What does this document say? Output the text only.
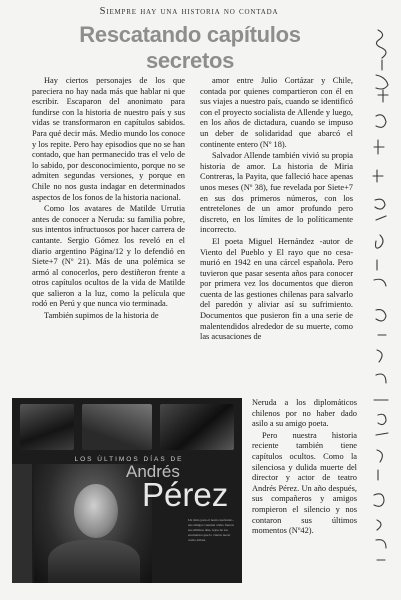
Siempre hay una historia no contada
Rescatando capítulos secretos

Hay ciertos personajes de los que pareciera no hay nada más que hablar ni que escribir. Escaparon del anonimato para fundirse con la historia de nuestro país y sus vidas se transformaron en capítulos sabidos. Para qué decir más. Medio mundo los conoce y los repite. Pero hay episodios que no se han contado, que han permanecido tras el velo de lo sabido, por desconocimiento, porque no se admiten segundas versiones, y porque en Chile no nos gusta indagar en determinados aspectos de los fonos de la historia nacional.

Como los avatares de Matilde Urrutia antes de conocer a Neruda: su familia pobre, sus intentos infructuosos por hacer carrera de cantante. Sergio Gómez los reveló en el diario argentino Página/12 y lo defendió en Siete+7 (Nº 21). Más de una polémica se armó al conocerlos, pero destiñeron frente a otros capítulos ocultos de la vida de Matilde que salieron a la luz, como la película que rodó en Perú y que nunca vio terminada.

También supimos de la historia de

amor entre Julio Cortázar y Chile, contada por quienes compartieron con él en sus viajes a nuestro país, cuando se identificó con el proyecto socialista de Allende y luego, en los años de dictadura, cuando se impuso un deber de solidaridad que abarcó el continente entero (Nº 18).

Salvador Allende también vivió su propia historia de amor. La historia de Miria Contreras, la Payita, que falleció hace apenas unos meses (Nº 38), fue revelada por Siete+7 en sus dos primeros números, con los entretelones de un amor profundo pero discreto, en los límites de lo políticamente incorrecto.

El poeta Miguel Hernández -autor de Viento del Pueblo y El rayo que no cesa- murió en 1942 en una cárcel española. Pero tuvieron que pasar sesenta años para conocer por primera vez los documentos que dieron cuenta de las gestiones chilenas para salvarlo del paredón y aliviar así su sufrimiento. Documentos que pusieron fin a una serie de malentendidos alrededor de su muerte, como las acusaciones de

Neruda a los diplomáticos chilenos por no haber dado asilo a su amigo poeta.

Pero nuestra historia reciente también tiene capítulos ocultos. Como la silenciosa y dulida muerte del director y actor de teatro Andrés Pérez. Un año después, sus compañeros y amigos rompieron el silencio y nos contaron sus últimos momentos (Nº42).

LOS ÚLTIMOS DÍAS DE
Andrés
Pérez
Un mito para el teatro nacional... sus amigos cuentan cómo fueron sus últimos días, lejos de los escenarios que lo vieron nacer como artista.
